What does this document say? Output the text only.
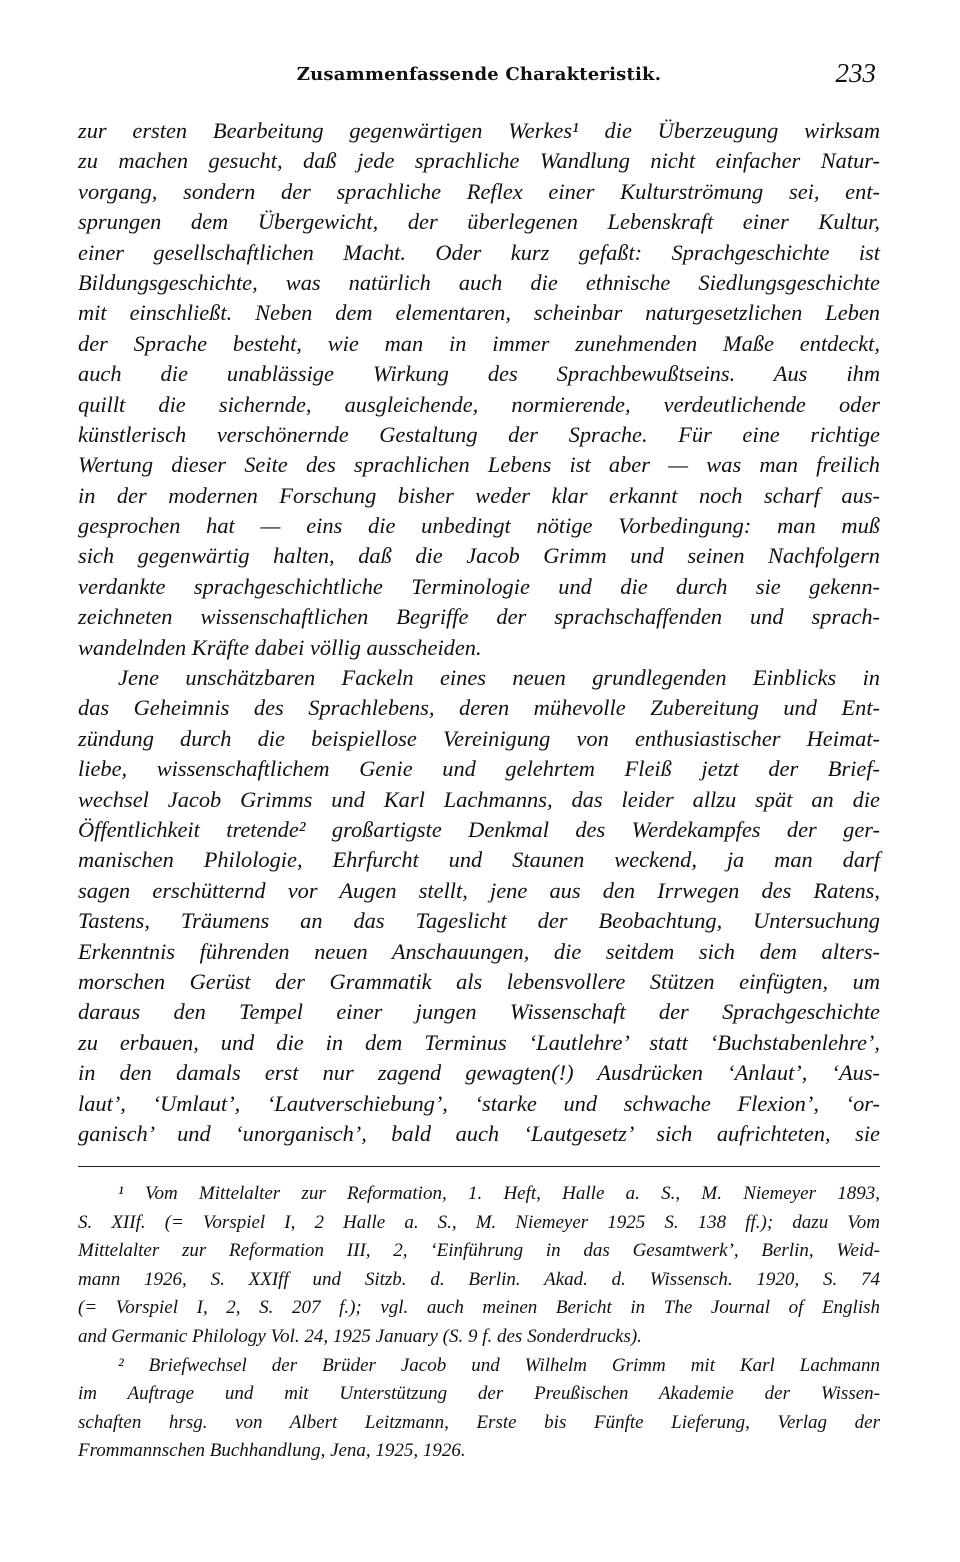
Zusammenfassende Charakteristik.	233
zur ersten Bearbeitung gegenwärtigen Werkes¹ die Überzeugung wirksam
zu machen gesucht, daß jede sprachliche Wandlung nicht einfacher Natur-
vorgang, sondern der sprachliche Reflex einer Kulturströmung sei, ent-
sprungen dem Übergewicht, der überlegenen Lebenskraft einer Kultur,
einer gesellschaftlichen Macht. Oder kurz gefaßt: Sprachgeschichte ist
Bildungsgeschichte, was natürlich auch die ethnische Siedlungsgeschichte
mit einschließt. Neben dem elementaren, scheinbar naturgesetzlichen Leben
der Sprache besteht, wie man in immer zunehmenden Maße entdeckt,
auch die unablässige Wirkung des Sprachbewußtseins. Aus ihm
quillt die sichernde, ausgleichende, normierende, verdeutlichende oder
künstlerisch verschönernde Gestaltung der Sprache. Für eine richtige
Wertung dieser Seite des sprachlichen Lebens ist aber — was man freilich
in der modernen Forschung bisher weder klar erkannt noch scharf aus-
gesprochen hat — eins die unbedingt nötige Vorbedingung: man muß
sich gegenwärtig halten, daß die Jacob Grimm und seinen Nachfolgern
verdankte sprachgeschichtliche Terminologie und die durch sie gekenn-
zeichneten wissenschaftlichen Begriffe der sprachschaffenden und sprach-
wandelnden Kräfte dabei völlig ausscheiden.
Jene unschätzbaren Fackeln eines neuen grundlegenden Einblicks in
das Geheimnis des Sprachlebens, deren mühevolle Zubereitung und Ent-
zündung durch die beispiellose Vereinigung von enthusiastischer Heimat-
liebe, wissenschaftlichem Genie und gelehrtem Fleiß jetzt der Brief-
wechsel Jacob Grimms und Karl Lachmanns, das leider allzu spät an die
Öffentlichkeit tretende² großartigste Denkmal des Werdekampfes der ger-
manischen Philologie, Ehrfurcht und Staunen weckend, ja man darf
sagen erschütternd vor Augen stellt, jene aus den Irrwegen des Ratens,
Tastens, Träumens an das Tageslicht der Beobachtung, Untersuchung
Erkenntnis führenden neuen Anschauungen, die seitdem sich dem alters-
morschen Gerüst der Grammatik als lebensvollere Stützen einfügten, um
daraus den Tempel einer jungen Wissenschaft der Sprachgeschichte
zu erbauen, und die in dem Terminus ‘Lautlehre’ statt ‘Buchstabenlehre’,
in den damals erst nur zagend gewagten(!) Ausdrücken ‘Anlaut’, ‘Aus-
laut’, ‘Umlaut’, ‘Lautverschiebung’, ‘starke und schwache Flexion’, ‘or-
ganisch’ und ‘unorganisch’, bald auch ‘Lautgesetz’ sich aufrichteten, sie
¹ Vom Mittelalter zur Reformation, 1. Heft, Halle a. S., M. Niemeyer 1893,
S. XIIf. (= Vorspiel I, 2 Halle a. S., M. Niemeyer 1925 S. 138 ff.); dazu Vom
Mittelalter zur Reformation III, 2, ‘Einführung in das Gesamtwerk’, Berlin, Weid-
mann 1926, S. XXIff und Sitzb. d. Berlin. Akad. d. Wissensch. 1920, S. 74
(= Vorspiel I, 2, S. 207 f.); vgl. auch meinen Bericht in The Journal of English
and Germanic Philology Vol. 24, 1925 January (S. 9 f. des Sonderdrucks).
² Briefwechsel der Brüder Jacob und Wilhelm Grimm mit Karl Lachmann
im Auftrage und mit Unterstützung der Preußischen Akademie der Wissen-
schaften hrsg. von Albert Leitzmann, Erste bis Fünfte Lieferung, Verlag der
Frommannschen Buchhandlung, Jena, 1925, 1926.
